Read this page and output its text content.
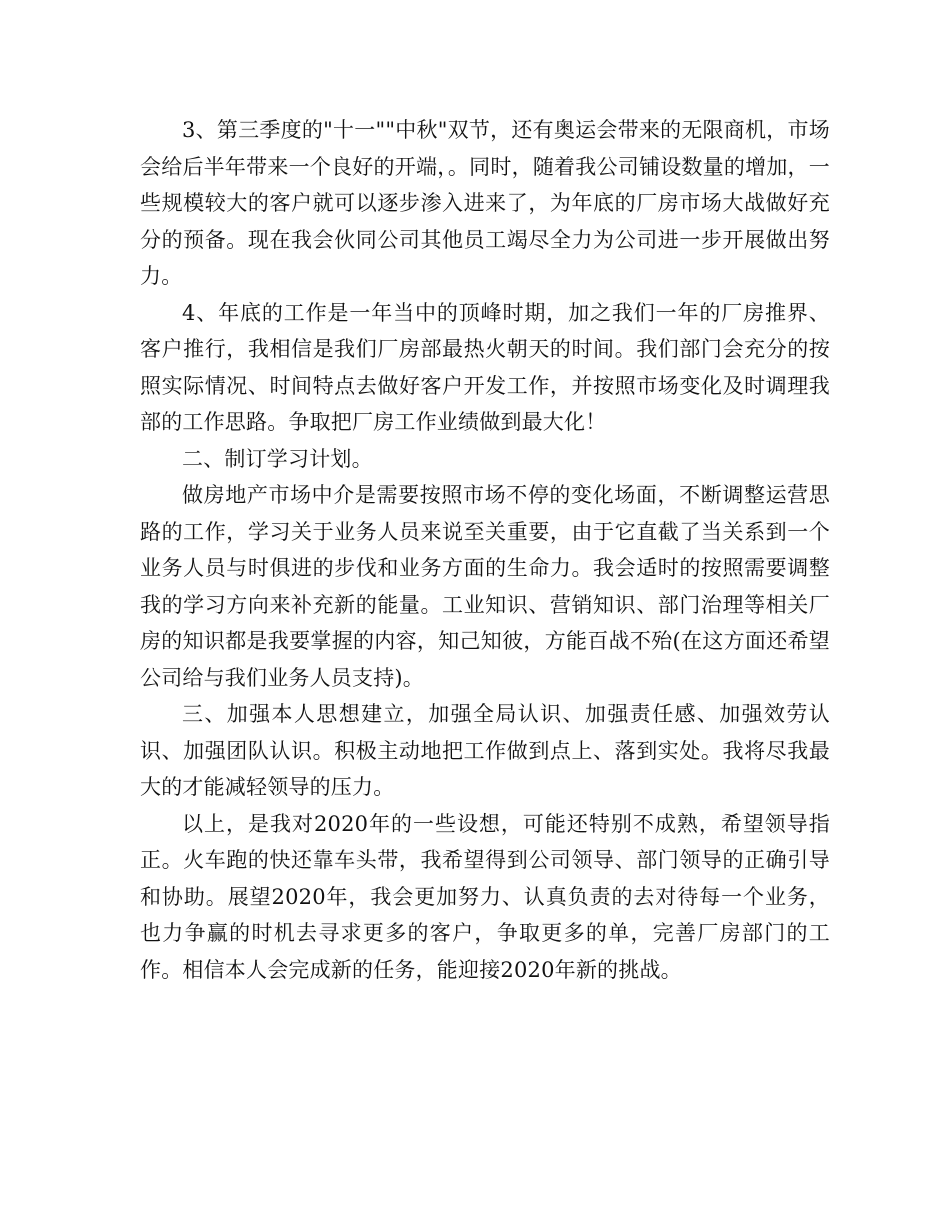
3、第三季度的"十一""中秋"双节，还有奥运会带来的无限商机，市场会给后半年带来一个良好的开端，。同时，随着我公司铺设数量的增加，一些规模较大的客户就可以逐步渗入进来了，为年底的厂房市场大战做好充分的预备。现在我会伙同公司其他员工竭尽全力为公司进一步开展做出努力。

4、年底的工作是一年当中的顶峰时期，加之我们一年的厂房推界、客户推行，我相信是我们厂房部最热火朝天的时间。我们部门会充分的按照实际情况、时间特点去做好客户开发工作，并按照市场变化及时调理我部的工作思路。争取把厂房工作业绩做到最大化！

二、制订学习计划。

做房地产市场中介是需要按照市场不停的变化场面，不断调整运营思路的工作，学习关于业务人员来说至关重要，由于它直截了当关系到一个业务人员与时俱进的步伐和业务方面的生命力。我会适时的按照需要调整我的学习方向来补充新的能量。工业知识、营销知识、部门治理等相关厂房的知识都是我要掌握的内容，知己知彼，方能百战不殆(在这方面还希望公司给与我们业务人员支持)。

三、加强本人思想建立，加强全局认识、加强责任感、加强效劳认识、加强团队认识。积极主动地把工作做到点上、落到实处。我将尽我最大的才能减轻领导的压力。

以上，是我对2020年的一些设想，可能还特别不成熟，希望领导指正。火车跑的快还靠车头带，我希望得到公司领导、部门领导的正确引导和协助。展望2020年，我会更加努力、认真负责的去对待每一个业务，也力争赢的时机去寻求更多的客户，争取更多的单，完善厂房部门的工作。相信本人会完成新的任务，能迎接2020年新的挑战。
